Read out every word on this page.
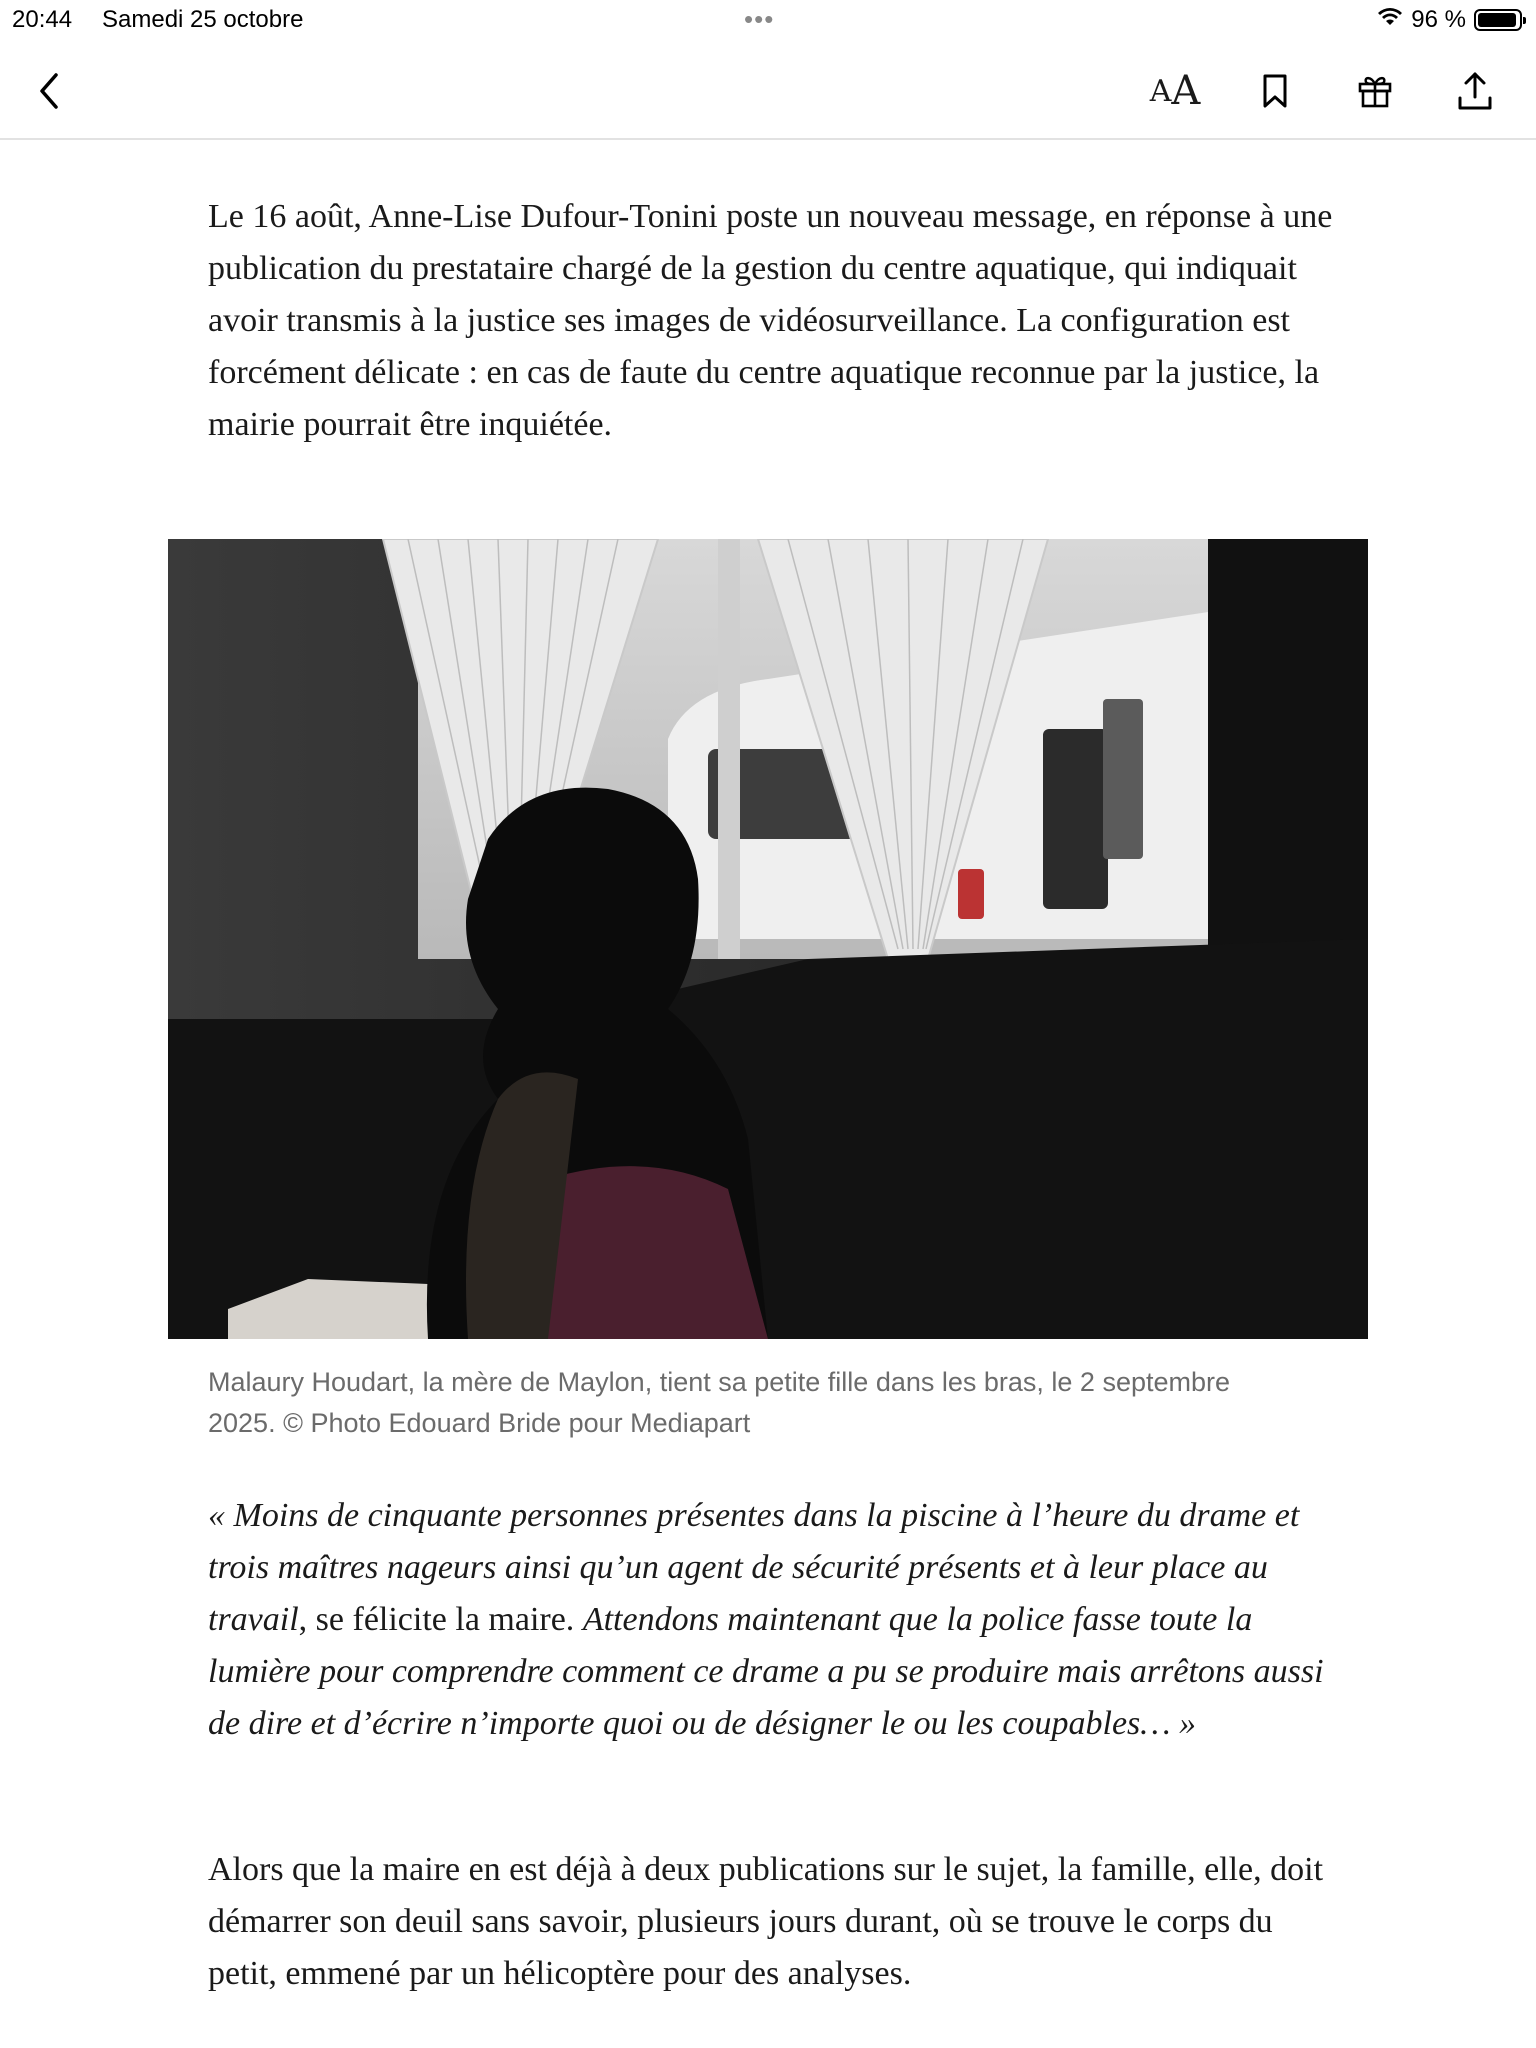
20:44 Samedi 25 octobre	•••	96 %
A A

Le 16 août, Anne-Lise Dufour-Tonini poste un nouveau message, en réponse à une publication du prestataire chargé de la gestion du centre aquatique, qui indiquait avoir transmis à la justice ses images de vidéosurveillance. La configuration est forcément délicate : en cas de faute du centre aquatique reconnue par la justice, la mairie pourrait être inquiétée.

Malaury Houdart, la mère de Maylon, tient sa petite fille dans les bras, le 2 septembre 2025. © Photo Edouard Bride pour Mediapart

« Moins de cinquante personnes présentes dans la piscine à l’heure du drame et trois maîtres nageurs ainsi qu’un agent de sécurité présents et à leur place au travail, se félicite la maire. Attendons maintenant que la police fasse toute la lumière pour comprendre comment ce drame a pu se produire mais arrêtons aussi de dire et d’écrire n’importe quoi ou de désigner le ou les coupables… »

Alors que la maire en est déjà à deux publications sur le sujet, la famille, elle, doit démarrer son deuil sans savoir, plusieurs jours durant, où se trouve le corps du petit, emmené par un hélicoptère pour des analyses.
